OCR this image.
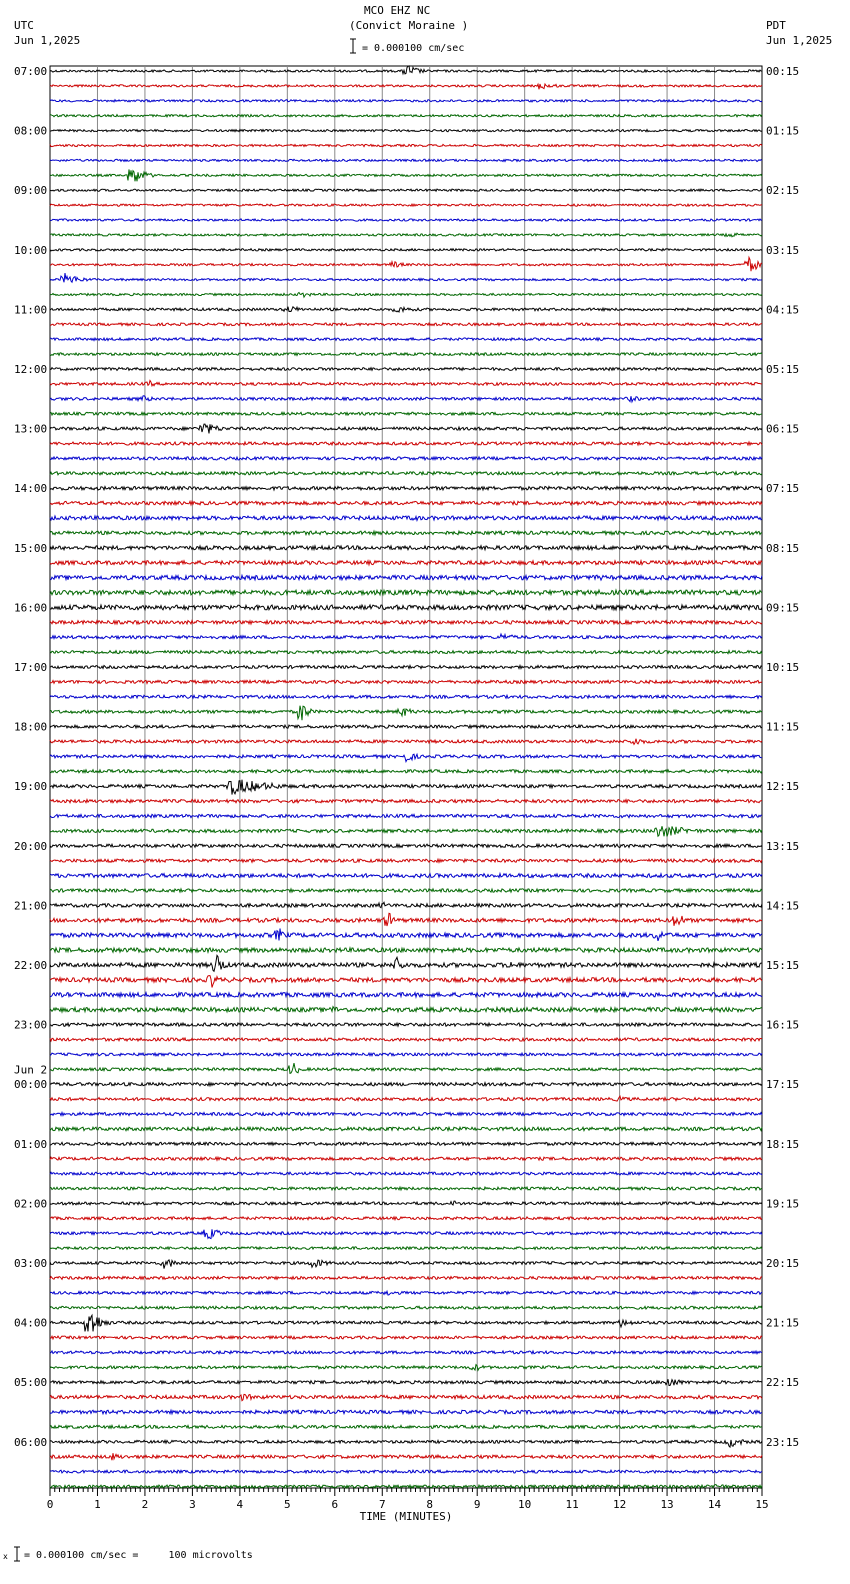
MCO EHZ NC
(Convict Moraine )
= 0.000100 cm/sec
UTC
Jun 1,2025
PDT
Jun 1,2025
0	1	2	3	4	5	6	7	8	9	10	11	12	13	14	15
TIME (MINUTES)
07:00
08:00
09:00
10:00
11:00
12:00
13:00
14:00
15:00
16:00
17:00
18:00
19:00
20:00
21:00
22:00
23:00
00:00
01:00
02:00
03:00
04:00
05:00
06:00
Jun 2
00:15
01:15
02:15
03:15
04:15
05:15
06:15
07:15
08:15
09:15
10:15
11:15
12:15
13:15
14:15
15:15
16:15
17:15
18:15
19:15
20:15
21:15
22:15
23:15
x = 0.000100 cm/sec =     100 microvolts
